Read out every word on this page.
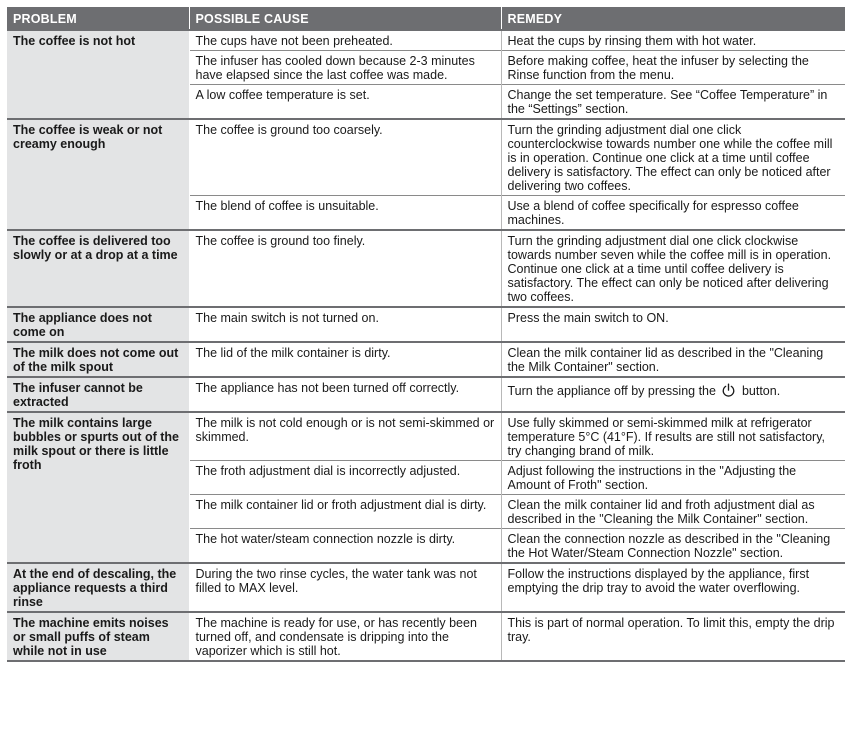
PROBLEM	POSSIBLE CAUSE	REMEDY
The coffee is not hot	The cups have not been preheated.	Heat the cups by rinsing them with hot water.
	The infuser has cooled down because 2-3 minutes have elapsed since the last coffee was made.	Before making coffee, heat the infuser by selecting the Rinse function from the menu.
	A low coffee temperature is set.	Change the set temperature. See “Coffee Temperature” in the “Settings” section.
The coffee is weak or not creamy enough	The coffee is ground too coarsely.	Turn the grinding adjustment dial one click counterclockwise towards number one while the coffee mill is in operation. Continue one click at a time until coffee delivery is satisfactory. The effect can only be noticed after delivering two coffees.
	The blend of coffee is unsuitable.	Use a blend of coffee specifically for espresso coffee machines.
The coffee is delivered too slowly or at a drop at a time	The coffee is ground too finely.	Turn the grinding adjustment dial one click clockwise towards number seven while the coffee mill is in operation. Continue one click at a time until coffee delivery is satisfactory. The effect can only be noticed after delivering two coffees.
The appliance does not come on	The main switch is not turned on.	Press the main switch to ON.
The milk does not come out of the milk spout	The lid of the milk container is dirty.	Clean the milk container lid as described in the "Cleaning the Milk Container" section.
The infuser cannot be extracted	The appliance has not been turned off correctly.	Turn the appliance off by pressing the button.
The milk contains large bubbles or spurts out of the milk spout or there is little froth	The milk is not cold enough or is not semi-skimmed or skimmed.	Use fully skimmed or semi-skimmed milk at refrigerator temperature 5°C (41°F). If results are still not satisfactory, try changing brand of milk.
	The froth adjustment dial is incorrectly adjusted.	Adjust following the instructions in the "Adjusting the Amount of Froth" section.
	The milk container lid or froth adjustment dial is dirty.	Clean the milk container lid and froth adjustment dial as described in the "Cleaning the Milk Container" section.
	The hot water/steam connection nozzle is dirty.	Clean the connection nozzle as described in the "Cleaning the Hot Water/Steam Connection Nozzle" section.
At the end of descaling, the appliance requests a third rinse	During the two rinse cycles, the water tank was not filled to MAX level.	Follow the instructions displayed by the appliance, first emptying the drip tray to avoid the water overflowing.
The machine emits noises or small puffs of steam while not in use	The machine is ready for use, or has recently been turned off, and condensate is dripping into the vaporizer which is still hot.	This is part of normal operation. To limit this, empty the drip tray.
